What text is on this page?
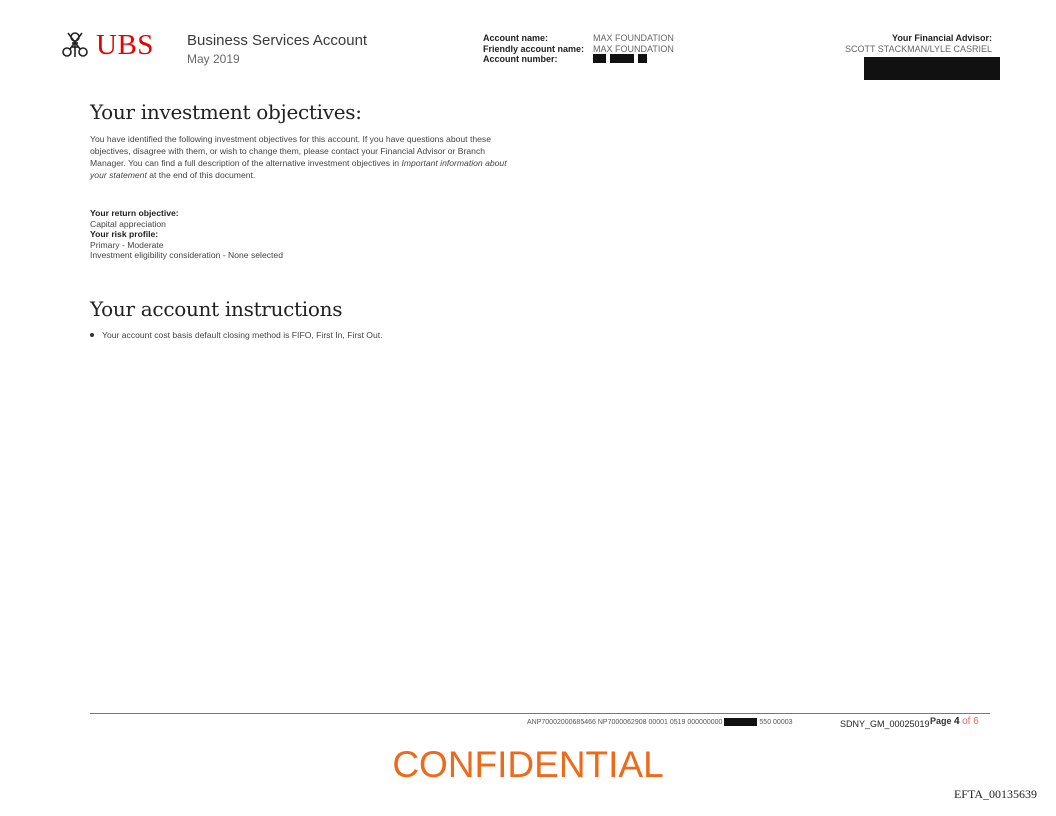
UBS Business Services Account
May 2019
Account name:	MAX FOUNDATION
Friendly account name: MAX FOUNDATION
Account number:
Your Financial Advisor:
SCOTT STACKMAN/LYLE CASRIEL
Your investment objectives:
You have identified the following investment objectives for this account. If you have questions about these objectives, disagree with them, or wish to change them, please contact your Financial Advisor or Branch Manager. You can find a full description of the alternative investment objectives in Important information about your statement at the end of this document.
Your return objective:
Capital appreciation
Your risk profile:
Primary - Moderate
Investment eligibility consideration - None selected
Your account instructions
Your account cost basis default closing method is FIFO, First In, First Out.
ANP70002000685466 NP7000062908 00001 0519 000000000	550 00003	SDNY_GM_00025019 Page 4 of 6
CONFIDENTIAL
EFTA_00135639
